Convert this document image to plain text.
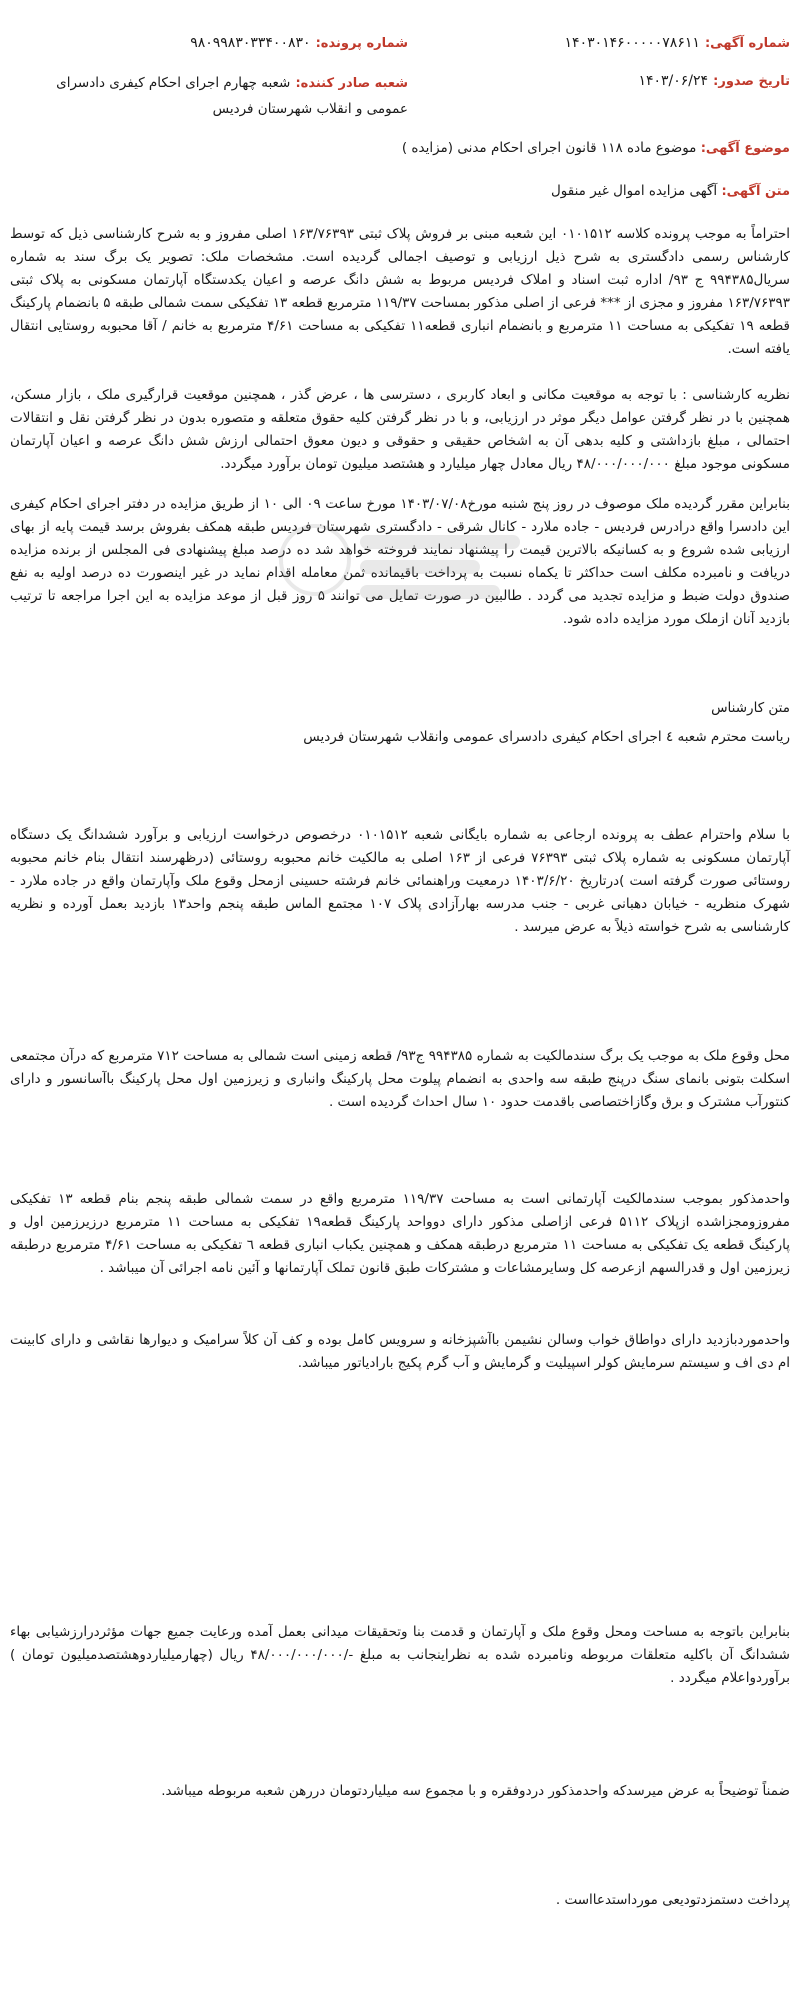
شماره آگهی: ۱۴۰۳۰۱۴۶۰۰۰۰۰۷۸۶۱۱
شماره پرونده: ۹۸۰۹۹۸۳۰۳۳۴۰۰۸۳۰
تاریخ صدور: ۱۴۰۳/۰۶/۲۴
شعبه صادر کننده: شعبه چهارم اجرای احکام کیفری دادسرای عمومی و انقلاب شهرستان فردیس
موضوع آگهی: موضوع ماده ۱۱۸ قانون اجرای احکام مدنی (مزایده )
متن آگهی: آگهی مزایده اموال غیر منقول

احتراماً به موجب پرونده کلاسه ۰۱۰۱۵۱۲ این شعبه مبنی بر فروش پلاک ثبتی ۱۶۳/۷۶۳۹۳ اصلی مفروز و به شرح کارشناسی ذیل که توسط کارشناس رسمی دادگستری به شرح ذیل ارزیابی و توصیف اجمالی گردیده است. مشخصات ملک: تصویر یک برگ سند به شماره سریال۹۹۴۳۸۵ ج ۹۳/ اداره ثبت اسناد و املاک فردیس مربوط به شش دانگ عرصه و اعیان یکدستگاه آپارتمان مسکونی به پلاک ثبتی ۱۶۳/۷۶۳۹۳ مفروز و مجزی از *** فرعی از اصلی مذکور بمساحت ۱۱۹/۳۷ مترمربع قطعه ۱۳ تفکیکی سمت شمالی طبقه ۵ بانضمام پارکینگ قطعه ۱۹ تفکیکی به مساحت ۱۱ مترمربع و بانضمام انباری قطعه۱۱ تفکیکی به مساحت ۴/۶۱ مترمربع به خانم / آقا محبوبه روستایی انتقال یافته است.

نظریه کارشناسی : با توجه به موقعیت مکانی و ابعاد کاربری ، دسترسی ها ، عرض گذر ، همچنین موقعیت قرارگیری ملک ، بازار مسکن، همچنین با در نظر گرفتن عوامل دیگر موثر در ارزیابی، و با در نظر گرفتن کلیه حقوق متعلقه و متصوره بدون در نظر گرفتن نقل و انتقالات احتمالی ، مبلغ بازداشتی و کلیه بدهی آن به اشخاص حقیقی و حقوقی و دیون معوق احتمالی ارزش شش دانگ عرصه و اعیان آپارتمان مسکونی موجود مبلغ ۴۸/۰۰۰/۰۰۰/۰۰۰ ریال معادل چهار میلیارد و هشتصد میلیون تومان برآورد میگردد.

بنابراین مقرر گردیده ملک موصوف در روز پنج شنبه مورخ۱۴۰۳/۰۷/۰۸ مورخ ساعت ۰۹ الی ۱۰ از طریق مزایده در دفتر اجرای احکام کیفری این دادسرا واقع درادرس فردیس - جاده ملارد - کانال شرقی - دادگستری شهرستان فردیس طبقه همکف بفروش برسد قیمت پایه از بهای ارزیابی شده شروع و به کسانیکه بالاترین قیمت را پیشنهاد نمایند فروخته خواهد شد ده درصد مبلغ پیشنهادی فی المجلس از برنده مزایده دریافت و نامبرده مکلف است حداکثر تا یکماه نسبت به پرداخت باقیمانده ثمن معامله اقدام نماید در غیر اینصورت ده درصد اولیه به نفع صندوق دولت ضبط و مزایده تجدید می گردد . طالبین در صورت تمایل می توانند ۵ روز قبل از موعد مزایده به این اجرا مراجعه تا ترتیب بازدید آنان ازملک مورد مزایده داده شود.

متن کارشناس

ریاست محترم شعبه ٤ اجرای احکام کیفری دادسرای عمومی وانقلاب شهرستان فردیس

با سلام واحترام عطف به پرونده ارجاعی به شماره بایگانی شعبه ۰۱۰۱۵۱۲ درخصوص درخواست ارزیابی و برآورد ششدانگ یک دستگاه آپارتمان مسکونی به شماره پلاک ثبتی ۷۶۳۹۳ فرعی از ۱۶۳ اصلی به مالکیت خانم محبوبه روستائی (درظهرسند انتقال بنام خانم محبوبه روستائی صورت گرفته است )درتاریخ ۱۴۰۳/۶/۲۰ درمعیت وراهنمائی خانم فرشته حسینی ازمحل وقوع ملک وآپارتمان واقع در جاده ملارد - شهرک منظریه - خیابان دهبانی غربی - جنب مدرسه بهارآزادی پلاک ۱۰۷ مجتمع الماس طبقه پنجم واحد۱۳ بازدید بعمل آورده و نظریه کارشناسی به شرح خواسته ذیلاً به عرض میرسد .

محل وقوع ملک به موجب یک برگ سندمالکیت به شماره ۹۹۴۳۸۵ ج۹۳/ قطعه زمینی است شمالی به مساحت ۷۱۲ مترمربع که درآن مجتمعی اسکلت بتونی بانمای سنگ درپنج طبقه سه واحدی به انضمام پیلوت محل پارکینگ وانباری و زیرزمین اول محل پارکینگ باآسانسور و دارای کنتورآب مشترک و برق وگازاختصاصی باقدمت حدود ۱۰ سال احداث گردیده است .

واحدمذکور بموجب سندمالکیت آپارتمانی است به مساحت ۱۱۹/۳۷ مترمربع واقع در سمت شمالی طبقه پنجم بنام قطعه ۱۳ تفکیکی مفروزومجزاشده ازپلاک ۵۱۱۲ فرعی ازاصلی مذکور دارای دوواحد پارکینگ قطعه۱۹ تفکیکی به مساحت ۱۱ مترمربع درزیرزمین اول و پارکینگ قطعه یک تفکیکی به مساحت ۱۱ مترمربع درطبقه همکف و همچنین یکباب انباری قطعه ٦ تفکیکی به مساحت ۴/۶۱ مترمربع درطبقه زیرزمین اول و قدرالسهم ازعرصه کل وسایرمشاعات و مشترکات طبق قانون تملک آپارتمانها و آئین نامه اجرائی آن میباشد .

واحدموردبازدید دارای دواطاق خواب وسالن نشیمن باآشپزخانه و سرویس کامل بوده و کف آن کلاً سرامیک و دیوارها نقاشی و دارای کابینت ام دی اف و سیستم سرمایش کولر اسپیلیت و گرمایش و آب گرم پکیج بارادیاتور میباشد.

بنابراین باتوجه به مساحت ومحل وقوع ملک و آپارتمان و قدمت بنا وتحقیقات میدانی بعمل آمده ورعایت جمیع جهات مؤثردرارزشیابی بهاء ششدانگ آن باکلیه متعلقات مربوطه ونامبرده شده به نظراینجانب به مبلغ -/۴۸/۰۰۰/۰۰۰/۰۰۰ ریال (چهارمیلیاردوهشتصدمیلیون تومان ) برآوردواعلام میگردد .

ضمناً توضیحاً به عرض میرسدکه واحدمذکور دردوفقره و با مجموع سه میلیاردتومان دررهن شعبه مربوطه میباشد.

پرداخت دستمزدتودیعی مورداستدعااست .
